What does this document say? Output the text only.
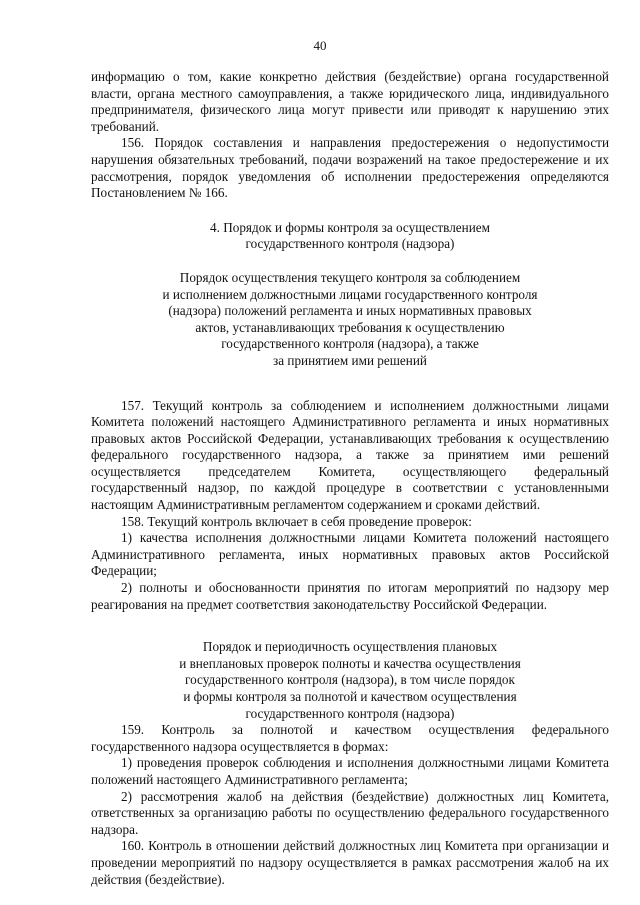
40

информацию о том, какие конкретно действия (бездействие) органа государственной власти, органа местного самоуправления, а также юридического лица, индивидуального предпринимателя, физического лица могут привести или приводят к нарушению этих требований.

156. Порядок составления и направления предостережения о недопустимости нарушения обязательных требований, подачи возражений на такое предостережение и их рассмотрения, порядок уведомления об исполнении предостережения определяются Постановлением № 166.

4. Порядок и формы контроля за осуществлением
государственного контроля (надзора)
Порядок осуществления текущего контроля за соблюдением
и исполнением должностными лицами государственного контроля
(надзора) положений регламента и иных нормативных правовых
актов, устанавливающих требования к осуществлению
государственного контроля (надзора), а также
за принятием ими решений

157. Текущий контроль за соблюдением и исполнением должностными лицами Комитета положений настоящего Административного регламента и иных нормативных правовых актов Российской Федерации, устанавливающих требования к осуществлению федерального государственного надзора, а также за принятием ими решений осуществляется председателем Комитета, осуществляющего федеральный государственный надзор, по каждой процедуре в соответствии с установленными настоящим Административным регламентом содержанием и сроками действий.

158. Текущий контроль включает в себя проведение проверок:

1) качества исполнения должностными лицами Комитета положений настоящего Административного регламента, иных нормативных правовых актов Российской Федерации;

2) полноты и обоснованности принятия по итогам мероприятий по надзору мер реагирования на предмет соответствия законодательству Российской Федерации.

Порядок и периодичность осуществления плановых
и внеплановых проверок полноты и качества осуществления
государственного контроля (надзора), в том числе порядок
и формы контроля за полнотой и качеством осуществления
государственного контроля (надзора)

159. Контроль за полнотой и качеством осуществления федерального государственного надзора осуществляется в формах:

1) проведения проверок соблюдения и исполнения должностными лицами Комитета положений настоящего Административного регламента;

2) рассмотрения жалоб на действия (бездействие) должностных лиц Комитета, ответственных за организацию работы по осуществлению федерального государственного надзора.

160. Контроль в отношении действий должностных лиц Комитета при организации и проведении мероприятий по надзору осуществляется в рамках рассмотрения жалоб на их действия (бездействие).
